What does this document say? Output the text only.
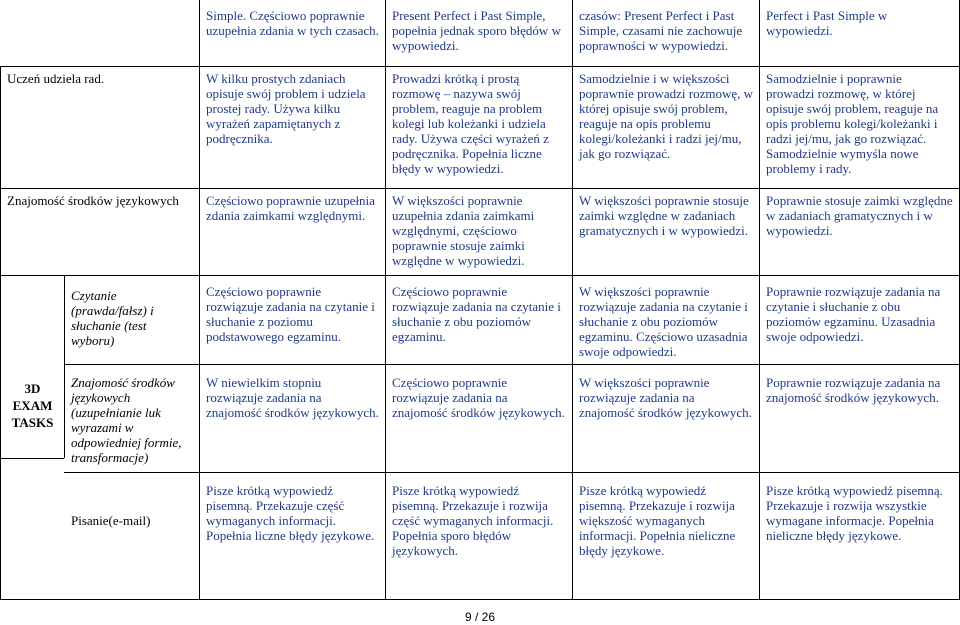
Simple. Częściowo poprawnie uzupełnia zdania w tych czasach.
Present Perfect i Past Simple, popełnia jednak sporo błędów w wypowiedzi.
czasów: Present Perfect i Past Simple, czasami nie zachowuje poprawności w wypowiedzi.
Perfect i Past Simple w wypowiedzi.
Uczeń udziela rad.	W kilku prostych zdaniach opisuje swój problem i udziela prostej rady. Używa kilku wyrażeń zapamiętanych z podręcznika.
Prowadzi krótką i prostą rozmowę – nazywa swój problem, reaguje na problem kolegi lub koleżanki i udziela rady. Używa części wyrażeń z podręcznika. Popełnia liczne błędy w wypowiedzi.
Samodzielnie i w większości poprawnie prowadzi rozmowę, w której opisuje swój problem, reaguje na opis problemu kolegi/koleżanki i radzi jej/mu, jak go rozwiązać.
Samodzielnie i poprawnie prowadzi rozmowę, w której opisuje swój problem, reaguje na opis problemu kolegi/koleżanki i radzi jej/mu, jak go rozwiązać. Samodzielnie wymyśla nowe problemy i rady.
Znajomość środków językowych	Częściowo poprawnie uzupełnia zdania zaimkami względnymi.
W większości poprawnie uzupełnia zdania zaimkami względnymi, częściowo poprawnie stosuje zaimki względne w wypowiedzi.
W większości poprawnie stosuje zaimki względne w zadaniach gramatycznych i w wypowiedzi.
Poprawnie stosuje zaimki względne w zadaniach gramatycznych i w wypowiedzi.
3D
EXAM
TASKS
Czytanie (prawda/fałsz) i słuchanie (test wyboru)
Częściowo poprawnie rozwiązuje zadania na czytanie i słuchanie z poziomu podstawowego egzaminu.
Częściowo poprawnie rozwiązuje zadania na czytanie i słuchanie z obu poziomów egzaminu.
W większości poprawnie rozwiązuje zadania na czytanie i słuchanie z obu poziomów egzaminu. Częściowo uzasadnia swoje odpowiedzi.
Poprawnie rozwiązuje zadania na czytanie i słuchanie z obu poziomów egzaminu. Uzasadnia swoje odpowiedzi.
Znajomość środków językowych (uzupełnianie luk wyrazami w odpowiedniej formie, transformacje)
W niewielkim stopniu rozwiązuje zadania na znajomość środków językowych.
Częściowo poprawnie rozwiązuje zadania na znajomość środków językowych.
W większości poprawnie rozwiązuje zadania na znajomość środków językowych.
Poprawnie rozwiązuje zadania na znajomość środków językowych.
Pisanie(e-mail)
Pisze krótką wypowiedź pisemną. Przekazuje część wymaganych informacji. Popełnia liczne błędy językowe.
Pisze krótką wypowiedź pisemną. Przekazuje i rozwija część wymaganych informacji. Popełnia sporo błędów językowych.
Pisze krótką wypowiedź pisemną. Przekazuje i rozwija większość wymaganych informacji. Popełnia nieliczne błędy językowe.
Pisze krótką wypowiedź pisemną. Przekazuje i rozwija wszystkie wymagane informacje. Popełnia nieliczne błędy językowe.
9 / 26
